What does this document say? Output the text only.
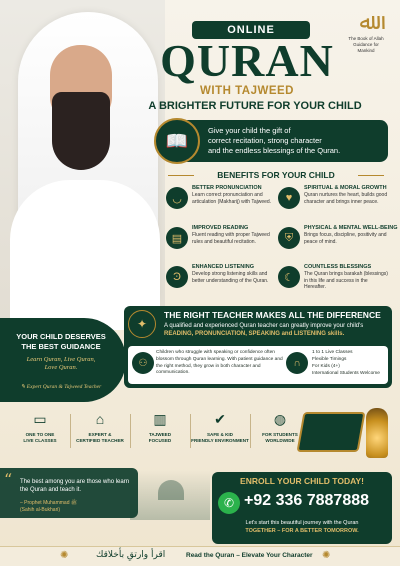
ﷲ
The Book of Allah
Guidance for Mankind
ONLINE
QURAN
WITH TAJWEED
A BRIGHTER FUTURE FOR YOUR CHILD
📖	Give your child the gift of
correct recitation, strong character
and the endless blessings of the Quran.
BENEFITS FOR YOUR CHILD
◡
BETTER PRONUNCIATION
Learn correct pronunciation and articulation (Makharij) with Tajweed.	♥
SPIRITUAL & MORAL GROWTH
Quran nurtures the heart, builds good character and brings inner peace.
▤
IMPROVED READING
Fluent reading with proper Tajweed rules and beautiful recitation.	⛨
PHYSICAL & MENTAL WELL-BEING
Brings focus, discipline, positivity and peace of mind.
Ͽ
ENHANCED LISTENING
Develop strong listening skills and better understanding of the Quran.	☾
COUNTLESS BLESSINGS
The Quran brings barakah (blessings) in this life and success in the Hereafter.
YOUR CHILD DESERVES
THE BEST GUIDANCE
Learn Quran, Live Quran,
Love Quran.
✎ Expert Quran & Tajweed Teacher
✦
THE RIGHT TEACHER MAKES ALL THE DIFFERENCE
A qualified and experienced Quran teacher can greatly improve your child's READING, PRONUNCIATION, SPEAKING and LISTENING skills.
⚇
Children who struggle with speaking or confidence often blossom through Quran learning. With patient guidance and the right method, they grow in both character and communication.
∩
1 to 1 Live Classes
Flexible Timings
For Kids (4+)
International Students Welcome
▭
ONE TO ONE
LIVE CLASSES
⌂
EXPERT &
CERTIFIED TEACHER
▥
TAJWEED
FOCUSED
✔
SAFE & KID
FRIENDLY ENVIRONMENT
◍
FOR STUDENTS
WORLDWIDE
“ The best among you are those who learn the Quran and teach it.
– Prophet Muhammad ﷺ
(Sahih al-Bukhari)
ENROLL YOUR CHILD TODAY!
✆ +92 336 7887888
Let's start this beautiful journey with the Quran
TOGETHER – FOR A BETTER TOMORROW.
✺	اقرأ وارتقِ بأخلاقك	Read the Quran – Elevate Your Character ✺
